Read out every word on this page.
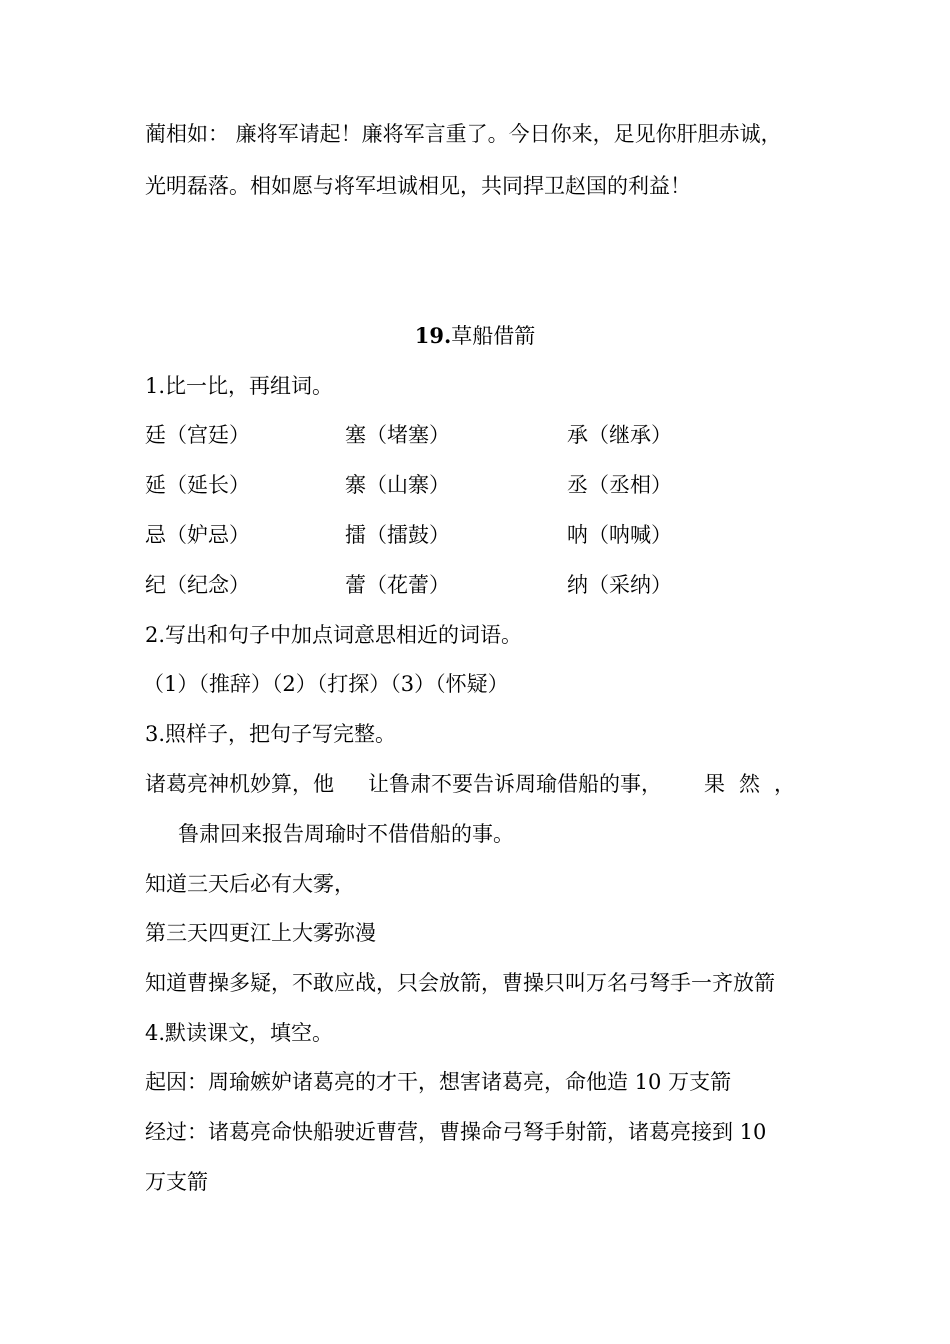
蔺相如： 廉将军请起！廉将军言重了。今日你来，足见你肝胆赤诚，
光明磊落。相如愿与将军坦诚相见，共同捍卫赵国的利益！
19.草船借箭
1.比一比，再组词。
廷（宫廷）	塞（堵塞）	承（继承）
延（延长）	寨（山寨）	丞（丞相）
忌（妒忌）	擂（擂鼓）	呐（呐喊）
纪（纪念）	蕾（花蕾）	纳（采纳）
2.写出和句子中加点词意思相近的词语。
（1）（推辞）（2）（打探）（3）（怀疑）
3.照样子，把句子写完整。
诸葛亮神机妙算，他 让鲁肃不要告诉周瑜借船的事， 果 然 ，
鲁肃回来报告周瑜时不借借船的事。
知道三天后必有大雾，
第三天四更江上大雾弥漫
知道曹操多疑，不敢应战，只会放箭，曹操只叫万名弓弩手一齐放箭
4.默读课文，填空。
起因：周瑜嫉妒诸葛亮的才干，想害诸葛亮，命他造 10 万支箭
经过：诸葛亮命快船驶近曹营，曹操命弓弩手射箭，诸葛亮接到 10
万支箭
